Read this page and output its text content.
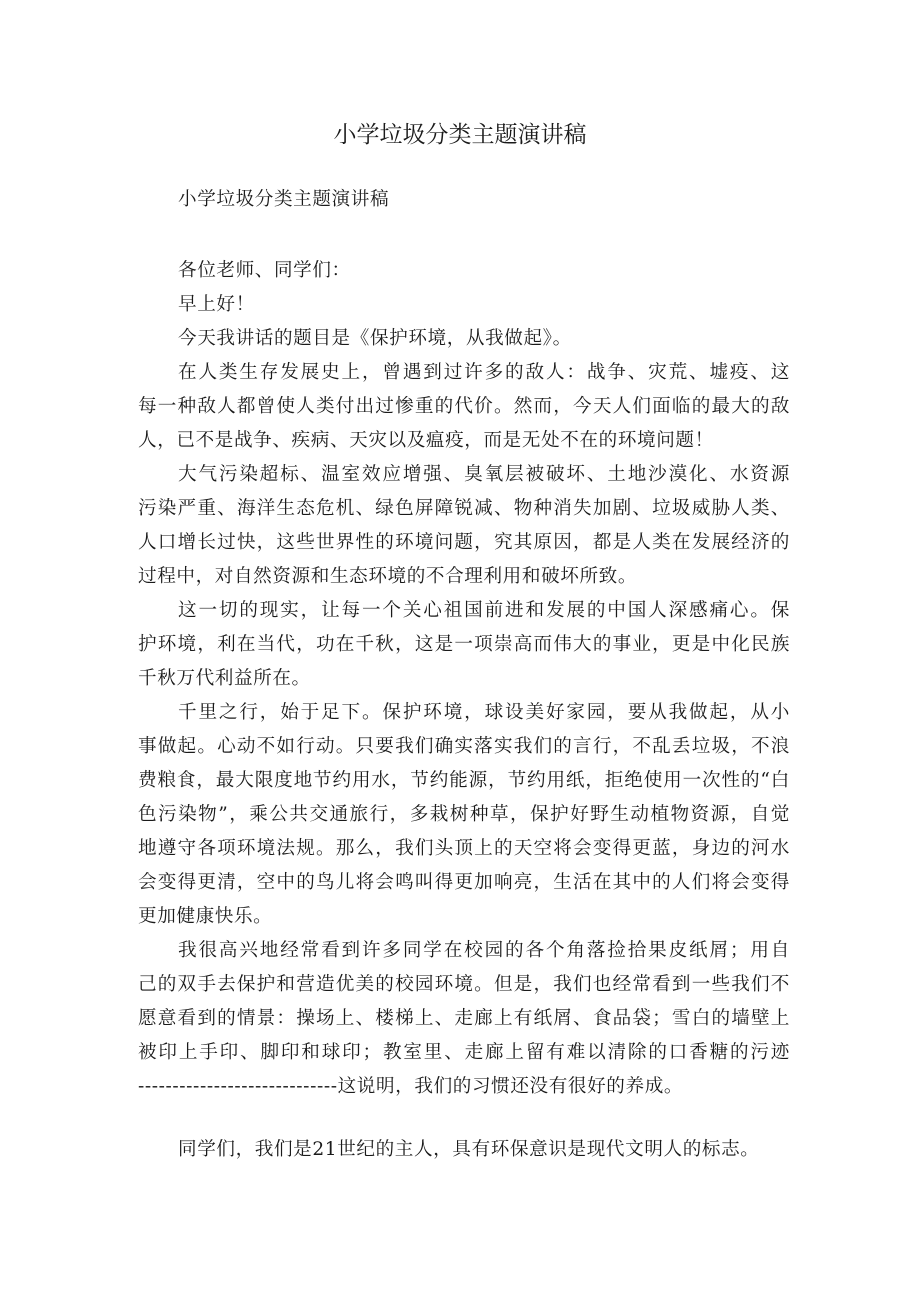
小学垃圾分类主题演讲稿
小学垃圾分类主题演讲稿
各位老师、同学们：
早上好！
今天我讲话的题目是《保护环境，从我做起》。
在人类生存发展史上，曾遇到过许多的敌人：战争、灾荒、墟疫、这
每一种敌人都曾使人类付出过惨重的代价。然而，今天人们面临的最大的敌
人，已不是战争、疾病、天灾以及瘟疫，而是无处不在的环境问题！
大气污染超标、温室效应增强、臭氧层被破坏、土地沙漠化、水资源
污染严重、海洋生态危机、绿色屏障锐减、物种消失加剧、垃圾威胁人类、
人口增长过快，这些世界性的环境问题，究其原因，都是人类在发展经济的
过程中，对自然资源和生态环境的不合理利用和破坏所致。
这一切的现实，让每一个关心祖国前进和发展的中国人深感痛心。保
护环境，利在当代，功在千秋，这是一项崇高而伟大的事业，更是中化民族
千秋万代利益所在。
千里之行，始于足下。保护环境，球设美好家园，要从我做起，从小
事做起。心动不如行动。只要我们确实落实我们的言行，不乱丢垃圾，不浪
费粮食，最大限度地节约用水，节约能源，节约用纸，拒绝使用一次性的“白
色污染物”，乘公共交通旅行，多栽树种草，保护好野生动植物资源，自觉
地遵守各项环境法规。那么，我们头顶上的天空将会变得更蓝，身边的河水
会变得更清，空中的鸟儿将会鸣叫得更加响亮，生活在其中的人们将会变得
更加健康快乐。
我很高兴地经常看到许多同学在校园的各个角落捡拾果皮纸屑；用自
己的双手去保护和营造优美的校园环境。但是，我们也经常看到一些我们不
愿意看到的情景：操场上、楼梯上、走廊上有纸屑、食品袋；雪白的墙壁上
被印上手印、脚印和球印；教室里、走廊上留有难以清除的口香糖的污迹
-----------------------------这说明，我们的习惯还没有很好的养成。
同学们，我们是21世纪的主人，具有环保意识是现代文明人的标志。
